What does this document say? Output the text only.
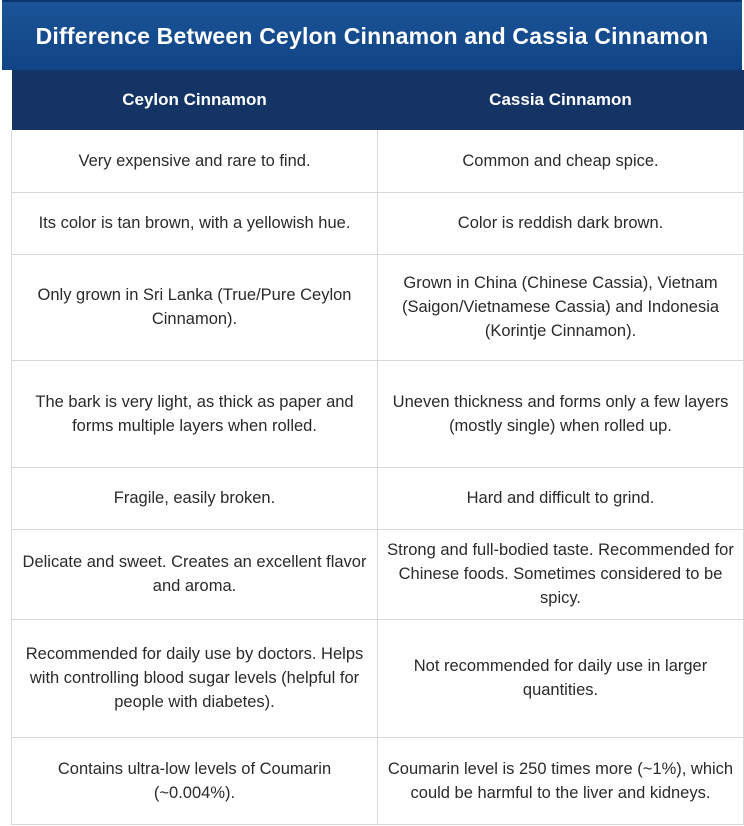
Difference Between Ceylon Cinnamon and Cassia Cinnamon
Ceylon Cinnamon	Cassia Cinnamon
Very expensive and rare to find.	Common and cheap spice.
Its color is tan brown, with a yellowish hue.	Color is reddish dark brown.
Only grown in Sri Lanka (True/Pure Ceylon Cinnamon).	Grown in China (Chinese Cassia), Vietnam (Saigon/Vietnamese Cassia) and Indonesia (Korintje Cinnamon).
The bark is very light, as thick as paper and forms multiple layers when rolled.	Uneven thickness and forms only a few layers (mostly single) when rolled up.
Fragile, easily broken.	Hard and difficult to grind.
Delicate and sweet. Creates an excellent flavor and aroma.	Strong and full-bodied taste. Recommended for Chinese foods. Sometimes considered to be spicy.
Recommended for daily use by doctors. Helps with controlling blood sugar levels (helpful for people with diabetes).	Not recommended for daily use in larger quantities.
Contains ultra-low levels of Coumarin (~0.004%).	Coumarin level is 250 times more (~1%), which could be harmful to the liver and kidneys.
